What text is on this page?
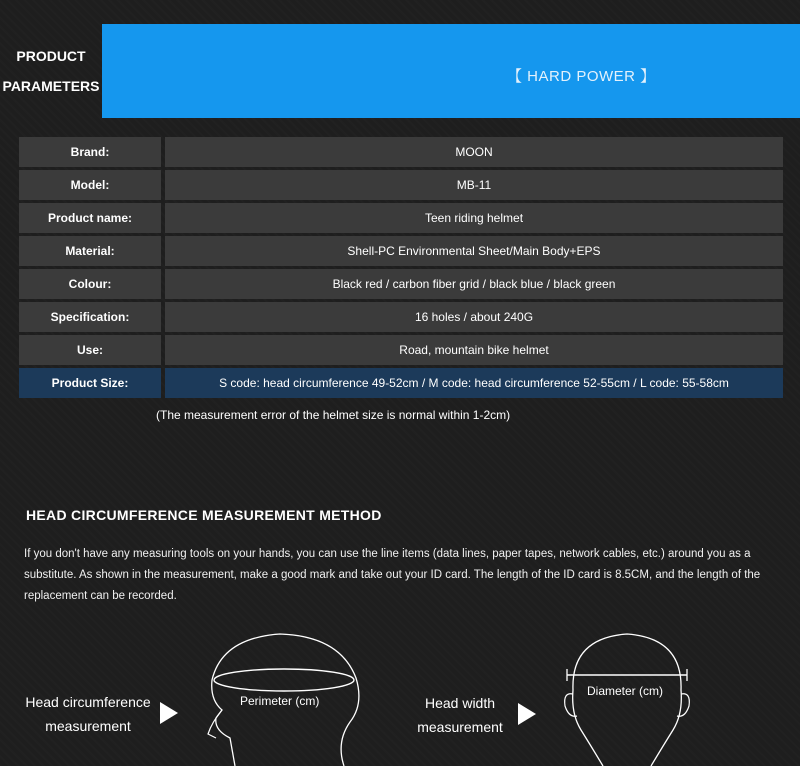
PRODUCT
PARAMETERS
【 HARD POWER 】
Brand:	MOON
Model:	MB-11
Product name:	Teen riding helmet
Material:	Shell-PC Environmental Sheet/Main Body+EPS
Colour:	Black red / carbon fiber grid / black blue / black green
Specification:	16 holes / about 240G
Use:	Road, mountain bike helmet
Product Size:	S code: head circumference 49-52cm / M code: head circumference 52-55cm / L code: 55-58cm
(The measurement error of the helmet size is normal within 1-2cm)
HEAD CIRCUMFERENCE MEASUREMENT METHOD
If you don't have any measuring tools on your hands, you can use the line items (data lines, paper tapes, network cables, etc.) around you as a substitute. As shown in the measurement, make a good mark and take out your ID card. The length of the ID card is 8.5CM, and the length of the replacement can be recorded.
Head circumference
measurement
Perimeter (cm)	Head width
measurement
Diameter (cm)
